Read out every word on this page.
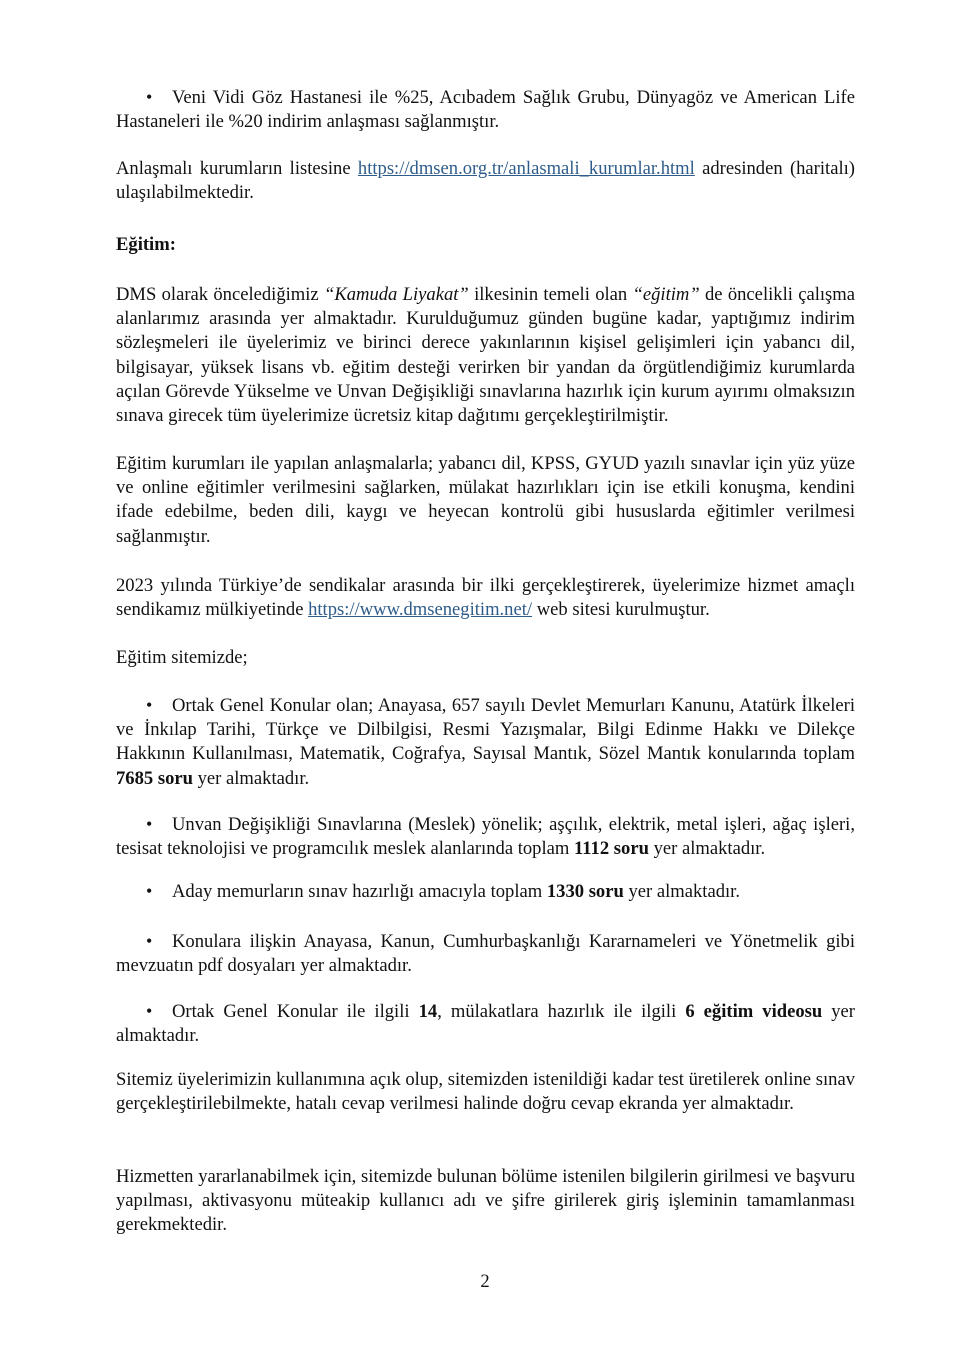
•Veni Vidi Göz Hastanesi ile %25, Acıbadem Sağlık Grubu, Dünyagöz ve American Life Hastaneleri ile %20 indirim anlaşması sağlanmıştır.

Anlaşmalı kurumların listesine https://dmsen.org.tr/anlasmali_kurumlar.html adresinden (haritalı) ulaşılabilmektedir.

Eğitim:

DMS olarak öncelediğimiz “Kamuda Liyakat” ilkesinin temeli olan “eğitim” de öncelikli çalışma alanlarımız arasında yer almaktadır. Kurulduğumuz günden bugüne kadar, yaptığımız indirim sözleşmeleri ile üyelerimiz ve birinci derece yakınlarının kişisel gelişimleri için yabancı dil, bilgisayar, yüksek lisans vb. eğitim desteği verirken bir yandan da örgütlendiğimiz kurumlarda açılan Görevde Yükselme ve Unvan Değişikliği sınavlarına hazırlık için kurum ayırımı olmaksızın sınava girecek tüm üyelerimize ücretsiz kitap dağıtımı gerçekleştirilmiştir.

Eğitim kurumları ile yapılan anlaşmalarla; yabancı dil, KPSS, GYUD yazılı sınavlar için yüz yüze ve online eğitimler verilmesini sağlarken, mülakat hazırlıkları için ise etkili konuşma, kendini ifade edebilme, beden dili, kaygı ve heyecan kontrolü gibi hususlarda eğitimler verilmesi sağlanmıştır.

2023 yılında Türkiye’de sendikalar arasında bir ilki gerçekleştirerek, üyelerimize hizmet amaçlı sendikamız mülkiyetinde https://www.dmsenegitim.net/ web sitesi kurulmuştur.

Eğitim sitemizde;

•Ortak Genel Konular olan; Anayasa, 657 sayılı Devlet Memurları Kanunu, Atatürk İlkeleri ve İnkılap Tarihi, Türkçe ve Dilbilgisi, Resmi Yazışmalar, Bilgi Edinme Hakkı ve Dilekçe Hakkının Kullanılması, Matematik, Coğrafya, Sayısal Mantık, Sözel Mantık konularında toplam 7685 soru yer almaktadır.

•Unvan Değişikliği Sınavlarına (Meslek) yönelik; aşçılık, elektrik, metal işleri, ağaç işleri, tesisat teknolojisi ve programcılık meslek alanlarında toplam 1112 soru yer almaktadır.

•Aday memurların sınav hazırlığı amacıyla toplam 1330 soru yer almaktadır.

•Konulara ilişkin Anayasa, Kanun, Cumhurbaşkanlığı Kararnameleri ve Yönetmelik gibi mevzuatın pdf dosyaları yer almaktadır.

•Ortak Genel Konular ile ilgili 14, mülakatlara hazırlık ile ilgili 6 eğitim videosu yer almaktadır.

Sitemiz üyelerimizin kullanımına açık olup, sitemizden istenildiği kadar test üretilerek online sınav gerçekleştirilebilmekte, hatalı cevap verilmesi halinde doğru cevap ekranda yer almaktadır.

Hizmetten yararlanabilmek için, sitemizde bulunan bölüme istenilen bilgilerin girilmesi ve başvuru yapılması, aktivasyonu müteakip kullanıcı adı ve şifre girilerek giriş işleminin tamamlanması gerekmektedir.

2
